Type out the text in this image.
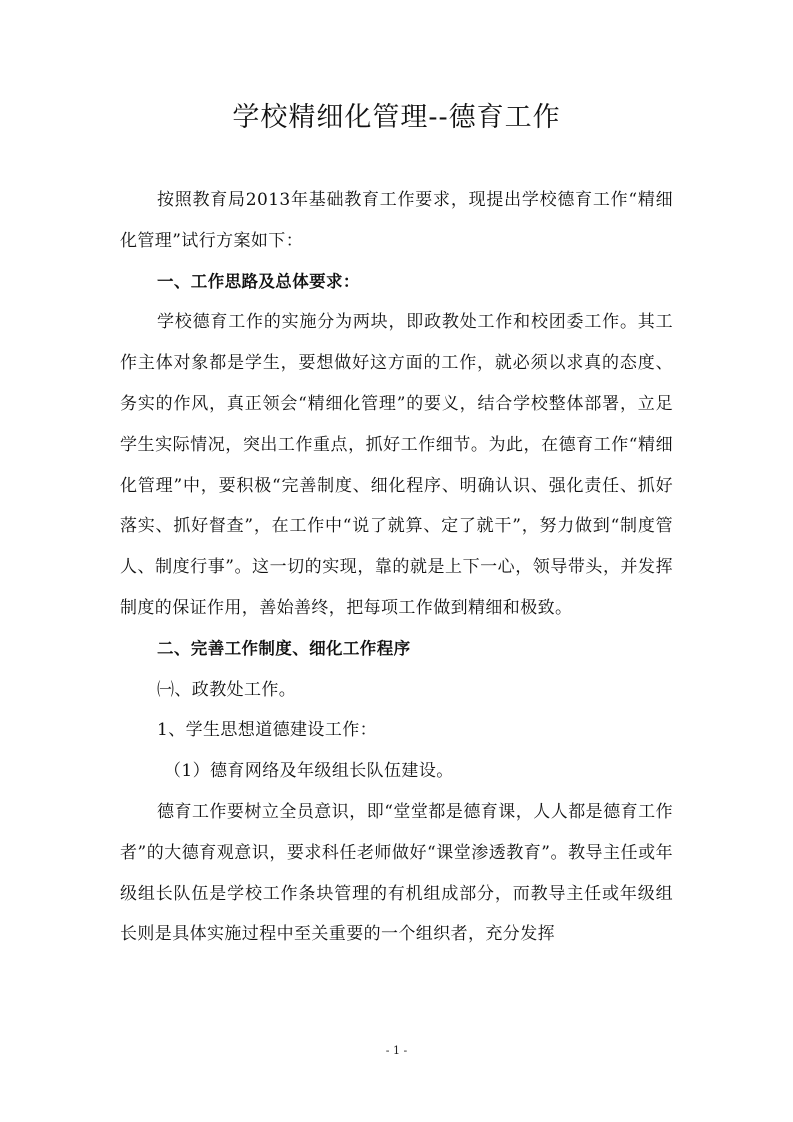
学校精细化管理--德育工作

按照教育局2013年基础教育工作要求，现提出学校德育工作“精细化管理”试行方案如下：

一、工作思路及总体要求：

学校德育工作的实施分为两块，即政教处工作和校团委工作。其工作主体对象都是学生，要想做好这方面的工作，就必须以求真的态度、务实的作风，真正领会“精细化管理”的要义，结合学校整体部署，立足学生实际情况，突出工作重点，抓好工作细节。为此，在德育工作“精细化管理”中，要积极“完善制度、细化程序、明确认识、强化责任、抓好落实、抓好督查”，在工作中“说了就算、定了就干”，努力做到“制度管人、制度行事”。这一切的实现，靠的就是上下一心，领导带头，并发挥制度的保证作用，善始善终，把每项工作做到精细和极致。

二、完善工作制度、细化工作程序

㈠、政教处工作。

1、学生思想道德建设工作：

（1）德育网络及年级组长队伍建设。

德育工作要树立全员意识，即“堂堂都是德育课，人人都是德育工作者”的大德育观意识，要求科任老师做好“课堂渗透教育”。教导主任或年级组长队伍是学校工作条块管理的有机组成部分，而教导主任或年级组长则是具体实施过程中至关重要的一个组织者，充分发挥

- 1 -
